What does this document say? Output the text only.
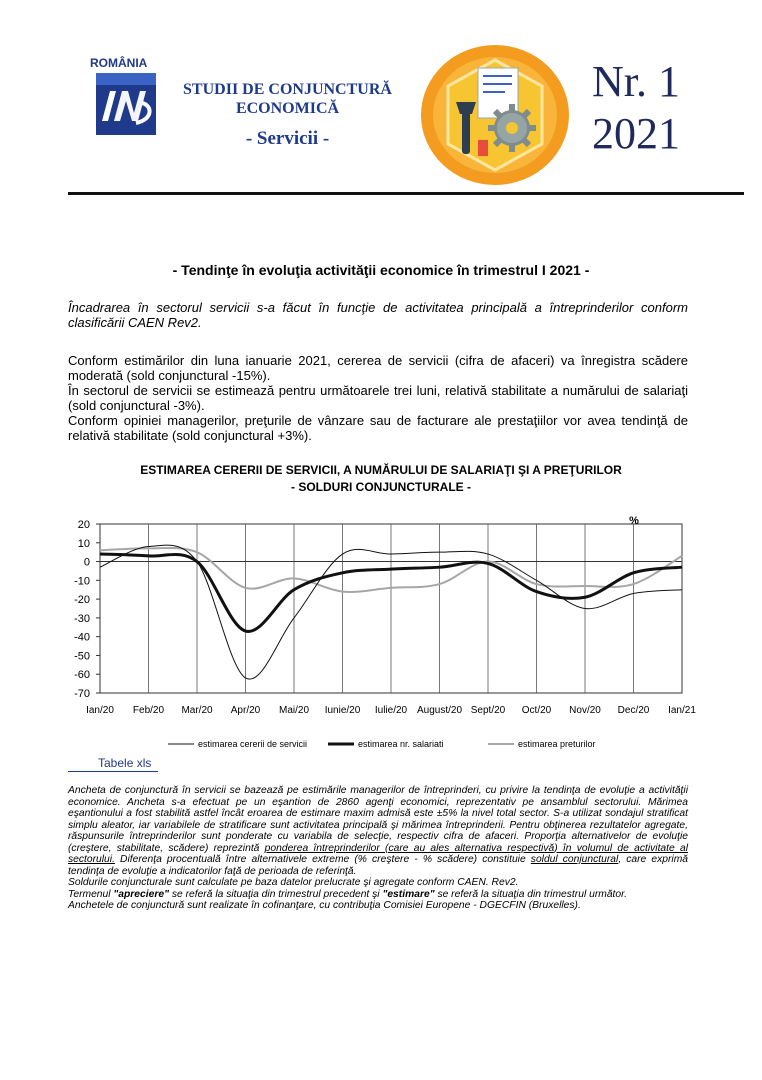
ROMÂNIA
STUDII DE CONJUNCTURĂ
ECONOMICĂ
- Servicii -
Nr. 1
2021
- Tendinţe în evoluţia activităţii economice în trimestrul I 2021 -
Încadrarea în sectorul servicii s-a făcut în funcţie de activitatea principală a întreprinderilor conform clasificării CAEN Rev2.
Conform estimărilor din luna ianuarie 2021, cererea de servicii (cifra de afaceri) va înregistra scădere moderată (sold conjunctural -15%).
În sectorul de servicii se estimează pentru următoarele trei luni, relativă stabilitate a numărului de salariaţi (sold conjunctural -3%).
Conform opiniei managerilor, preţurile de vânzare sau de facturare ale prestaţiilor vor avea tendinţă de relativă stabilitate (sold conjunctural +3%).
ESTIMAREA CERERII DE SERVICII, A NUMĂRULUI DE SALARIAŢI ŞI A PREŢURILOR
- SOLDURI CONJUNCTURALE -
20
10
0
-10
-20
-30
-40
-50
-60
-70
Ian/20 Feb/20 Mar/20 Apr/20 Mai/20 Iunie/20 Iulie/20 August/20 Sept/20 Oct/20 Nov/20 Dec/20 Ian/21
%
estimarea cererii de servicii	estimarea nr. salariati	estimarea preturilor
Tabele xls

Ancheta de conjunctură în servicii se bazează pe estimările managerilor de întreprinderi, cu privire la tendinţa de evoluţie a activităţii economice. Ancheta s-a efectuat pe un eşantion de 2860 agenţi economici, reprezentativ pe ansamblul sectorului. Mărimea eşantionului a fost stabilită astfel încât eroarea de estimare maxim admisă este ±5% la nivel total sector. S-a utilizat sondajul stratificat simplu aleator, iar variabilele de stratificare sunt activitatea principală şi mărimea întreprinderii. Pentru obţinerea rezultatelor agregate, răspunsurile întreprinderilor sunt ponderate cu variabila de selecţie, respectiv cifra de afaceri. Proporţia alternativelor de evoluţie (creştere, stabilitate, scădere) reprezintă ponderea întreprinderilor (care au ales alternativa respectivă) în volumul de activitate al sectorului. Diferenţa procentuală între alternativele extreme (% creştere - % scădere) constituie soldul conjunctural, care exprimă tendinţa de evoluţie a indicatorilor faţă de perioada de referinţă.

Soldurile conjuncturale sunt calculate pe baza datelor prelucrate şi agregate conform CAEN. Rev2.

Termenul "apreciere" se referă la situaţia din trimestrul precedent şi "estimare" se referă la situaţia din trimestrul următor.

Anchetele de conjunctură sunt realizate în cofinanţare, cu contribuţia Comisiei Europene - DGECFIN (Bruxelles).
